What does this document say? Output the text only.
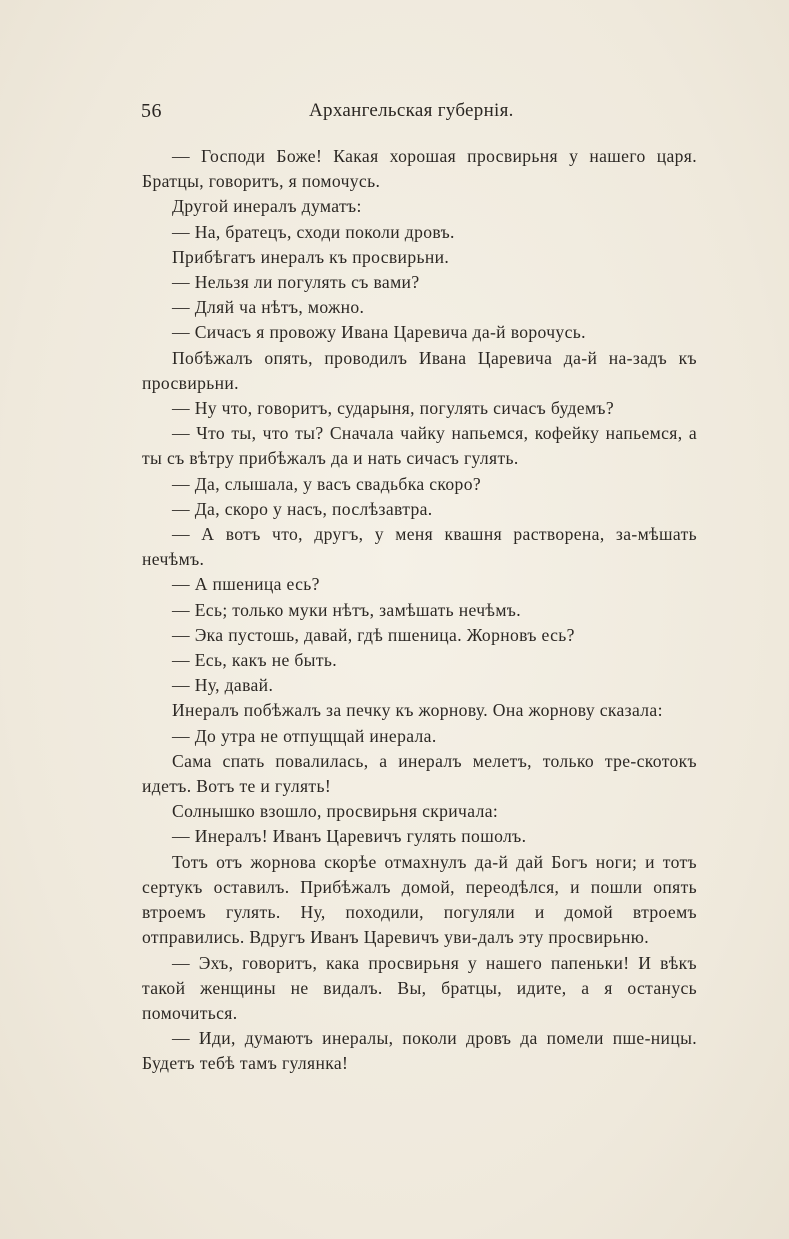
56	Архангельская губернія.

— Господи Боже! Какая хорошая просвирьня у нашего царя. Братцы, говоритъ, я помочусь.

Другой инералъ думатъ:

— На, братецъ, сходи поколи дровъ.

Прибѣгатъ инералъ къ просвирьни.

— Нельзя ли погулять съ вами?

— Дляй ча нѣтъ, можно.

— Сичасъ я провожу Ивана Царевича да-й ворочусь.

Побѣжалъ опять, проводилъ Ивана Царевича да-й на-задъ къ просвирьни.

— Ну что, говоритъ, сударыня, погулять сичасъ будемъ?

— Что ты, что ты? Сначала чайку напьемся, кофейку напьемся, а ты съ вѣтру прибѣжалъ да и нать сичасъ гулять.

— Да, слышала, у васъ свадьбка скоро?

— Да, скоро у насъ, послѣзавтра.

— А вотъ что, другъ, у меня квашня растворена, за-мѣшать нечѣмъ.

— А пшеница есь?

— Есь; только муки нѣтъ, замѣшать нечѣмъ.

— Эка пустошь, давай, гдѣ пшеница. Жорновъ есь?

— Есь, какъ не быть.

— Ну, давай.

Инералъ побѣжалъ за печку къ жорнову. Она жорнову сказала:

— До утра не отпущщай инерала.

Сама спать повалилась, а инералъ мелетъ, только тре-скотокъ идетъ. Вотъ те и гулять!

Солнышко взошло, просвирьня скричала:

— Инералъ! Иванъ Царевичъ гулять пошолъ.

Тотъ отъ жорнова скорѣе отмахнулъ да-й дай Богъ ноги; и тотъ сертукъ оставилъ. Прибѣжалъ домой, переодѣлся, и пошли опять втроемъ гулять. Ну, походили, погуляли и домой втроемъ отправились. Вдругъ Иванъ Царевичъ уви-далъ эту просвирьню.

— Эхъ, говоритъ, кака просвирьня у нашего папеньки! И вѣкъ такой женщины не видалъ. Вы, братцы, идите, а я останусь помочиться.

— Иди, думаютъ инералы, поколи дровъ да помели пше-ницы. Будетъ тебѣ тамъ гулянка!
